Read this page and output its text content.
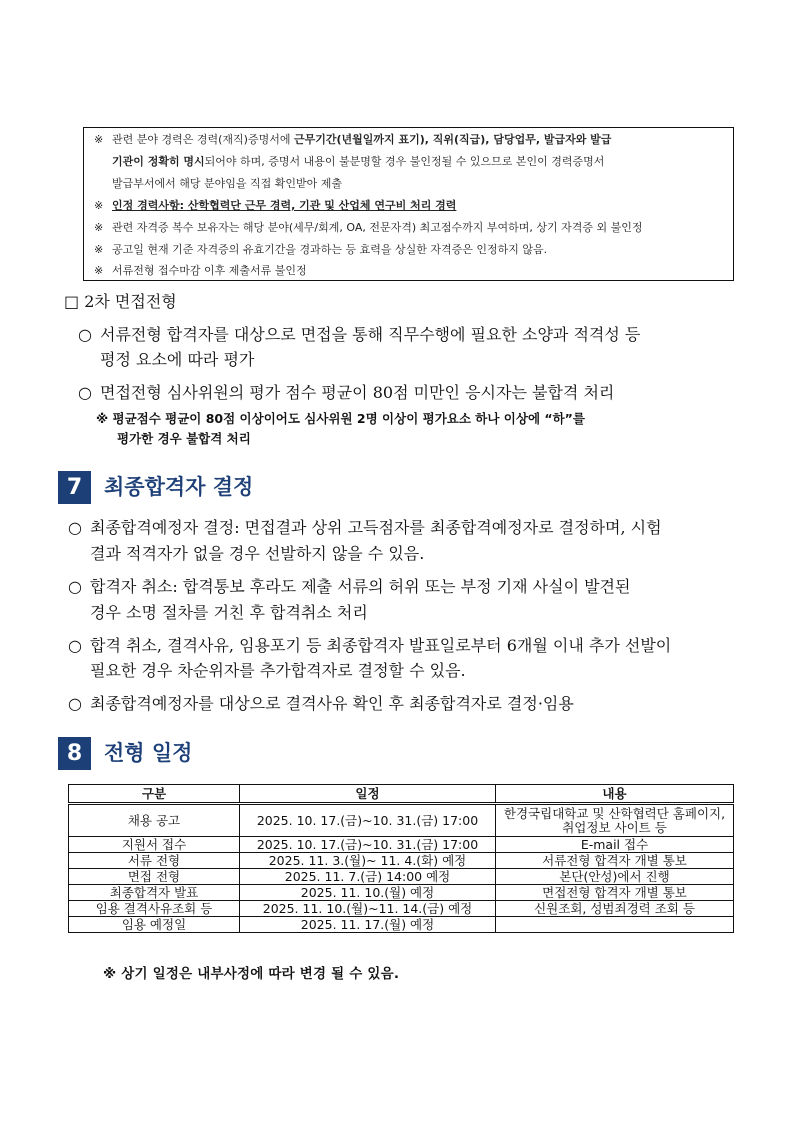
※ 관련 분야 경력은 경력(재직)증명서에 근무기간(년월일까지 표기), 직위(직급), 담당업무, 발급자와 발급
기관이 정확히 명시되어야 하며, 증명서 내용이 불분명할 경우 불인정될 수 있으므로 본인이 경력증명서
발급부서에서 해당 분야임을 직접 확인받아 제출
※ 인정 경력사항: 산학협력단 근무 경력, 기관 및 산업체 연구비 처리 경력
※ 관련 자격증 복수 보유자는 해당 분야(세무/회계, OA, 전문자격) 최고점수까지 부여하며, 상기 자격증 외 불인정
※ 공고일 현재 기준 자격증의 유효기간을 경과하는 등 효력을 상실한 자격증은 인정하지 않음.
※ 서류전형 접수마감 이후 제출서류 불인정
□ 2차 면접전형
○ 서류전형 합격자를 대상으로 면접을 통해 직무수행에 필요한 소양과 적격성 등
평정 요소에 따라 평가
○ 면접전형 심사위원의 평가 점수 평균이 80점 미만인 응시자는 불합격 처리
※ 평균점수 평균이 80점 이상이어도 심사위원 2명 이상이 평가요소 하나 이상에 “하”를
평가한 경우 불합격 처리
7	최종합격자 결정
○ 최종합격예정자 결정: 면접결과 상위 고득점자를 최종합격예정자로 결정하며, 시험
결과 적격자가 없을 경우 선발하지 않을 수 있음.
○ 합격자 취소: 합격통보 후라도 제출 서류의 허위 또는 부정 기재 사실이 발견된
경우 소명 절차를 거친 후 합격취소 처리
○ 합격 취소, 결격사유, 임용포기 등 최종합격자 발표일로부터 6개월 이내 추가 선발이
필요한 경우 차순위자를 추가합격자로 결정할 수 있음.
○ 최종합격예정자를 대상으로 결격사유 확인 후 최종합격자로 결정·임용
8	전형 일정
구분	일정	내용
채용 공고	2025. 10. 17.(금)~10. 31.(금) 17:00	한경국립대학교 및 산학협력단 홈페이지, 취업정보 사이트 등
지원서 접수	2025. 10. 17.(금)~10. 31.(금) 17:00	E-mail 접수
서류 전형	2025. 11. 3.(월)~ 11. 4.(화) 예정	서류전형 합격자 개별 통보
면접 전형	2025. 11. 7.(금) 14:00 예정	본단(안성)에서 진행
최종합격자 발표	2025. 11. 10.(월) 예정	면접전형 합격자 개별 통보
임용 결격사유조회 등	2025. 11. 10.(월)~11. 14.(금) 예정	신원조회, 성범죄경력 조회 등
임용 예정일	2025. 11. 17.(월) 예정	
※ 상기 일정은 내부사정에 따라 변경 될 수 있음.
